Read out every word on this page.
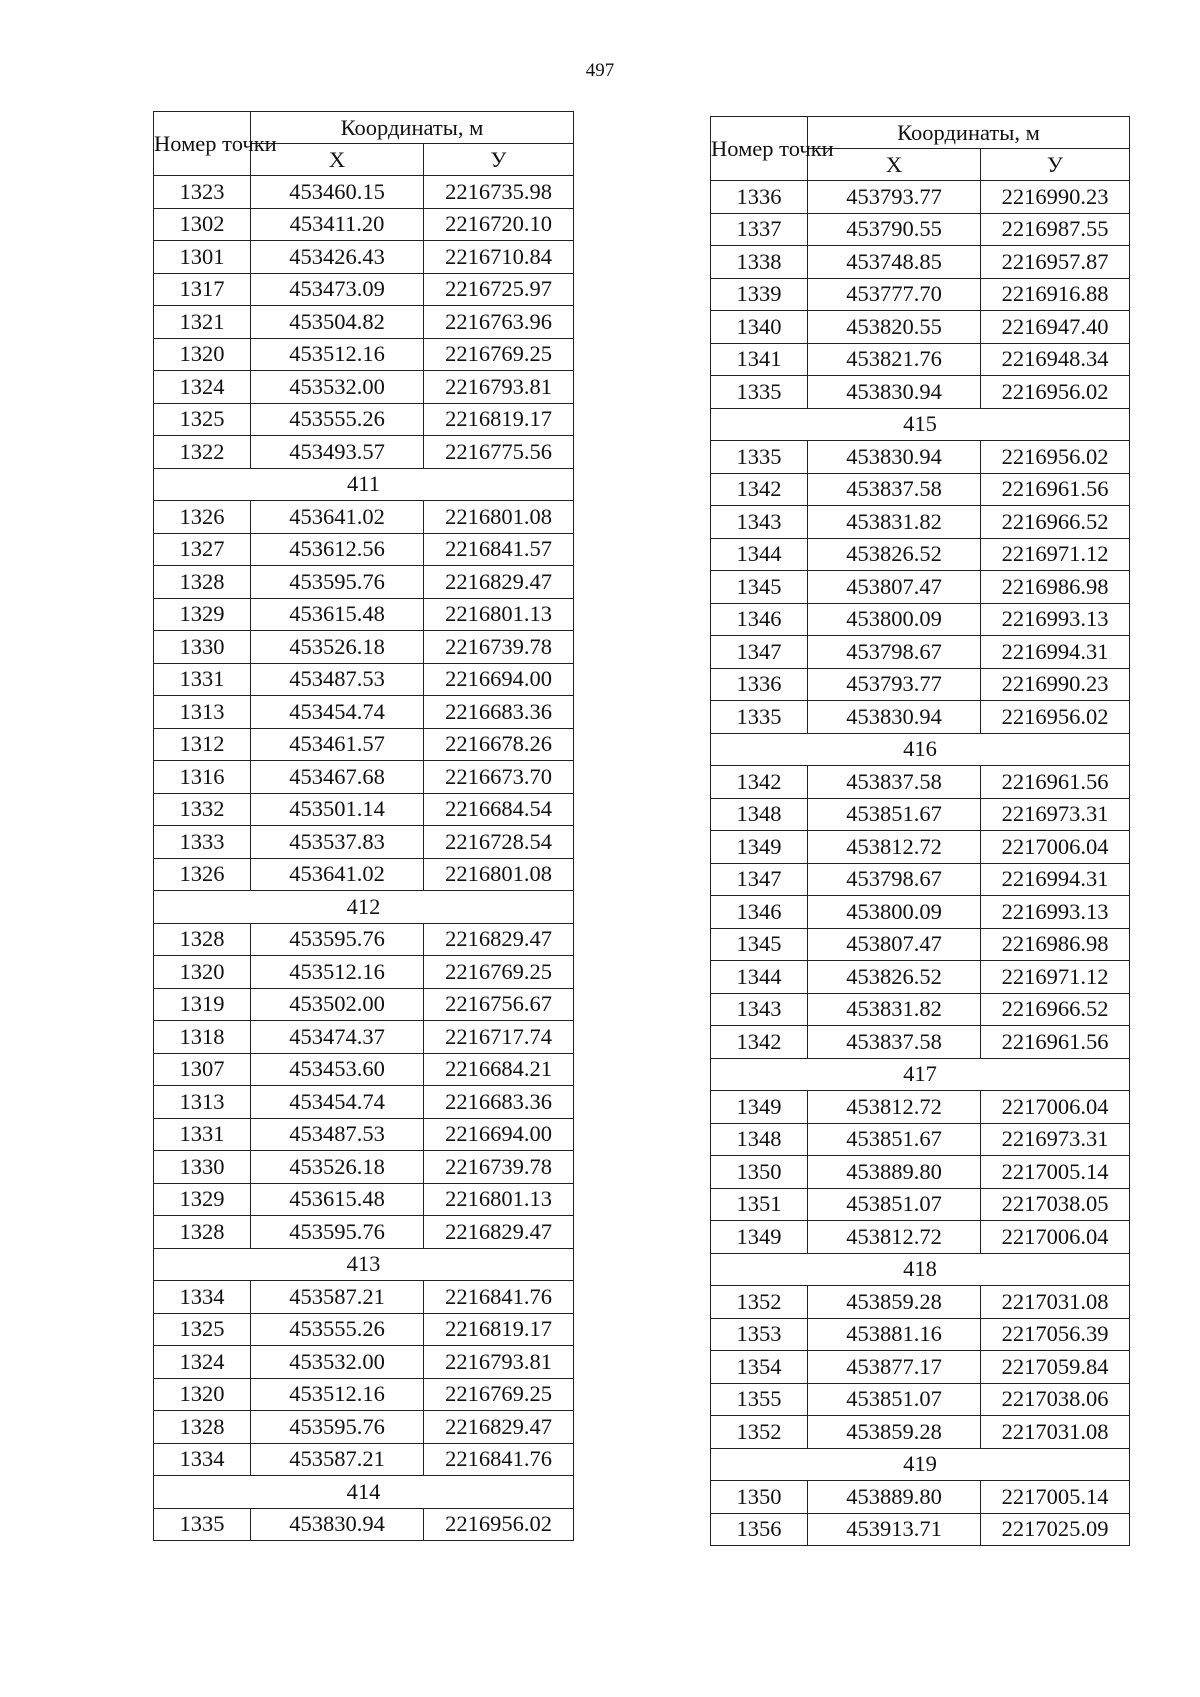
497
Номер точки	Координаты, м	
	X	У
1323	453460.15	2216735.98
1302	453411.20	2216720.10
1301	453426.43	2216710.84
1317	453473.09	2216725.97
1321	453504.82	2216763.96
1320	453512.16	2216769.25
1324	453532.00	2216793.81
1325	453555.26	2216819.17
1322	453493.57	2216775.56
411		
1326	453641.02	2216801.08
1327	453612.56	2216841.57
1328	453595.76	2216829.47
1329	453615.48	2216801.13
1330	453526.18	2216739.78
1331	453487.53	2216694.00
1313	453454.74	2216683.36
1312	453461.57	2216678.26
1316	453467.68	2216673.70
1332	453501.14	2216684.54
1333	453537.83	2216728.54
1326	453641.02	2216801.08
412		
1328	453595.76	2216829.47
1320	453512.16	2216769.25
1319	453502.00	2216756.67
1318	453474.37	2216717.74
1307	453453.60	2216684.21
1313	453454.74	2216683.36
1331	453487.53	2216694.00
1330	453526.18	2216739.78
1329	453615.48	2216801.13
1328	453595.76	2216829.47
413		
1334	453587.21	2216841.76
1325	453555.26	2216819.17
1324	453532.00	2216793.81
1320	453512.16	2216769.25
1328	453595.76	2216829.47
1334	453587.21	2216841.76
414		
1335	453830.94	2216956.02
Номер точки	Координаты, м	
	X	У
1336	453793.77	2216990.23
1337	453790.55	2216987.55
1338	453748.85	2216957.87
1339	453777.70	2216916.88
1340	453820.55	2216947.40
1341	453821.76	2216948.34
1335	453830.94	2216956.02
415		
1335	453830.94	2216956.02
1342	453837.58	2216961.56
1343	453831.82	2216966.52
1344	453826.52	2216971.12
1345	453807.47	2216986.98
1346	453800.09	2216993.13
1347	453798.67	2216994.31
1336	453793.77	2216990.23
1335	453830.94	2216956.02
416		
1342	453837.58	2216961.56
1348	453851.67	2216973.31
1349	453812.72	2217006.04
1347	453798.67	2216994.31
1346	453800.09	2216993.13
1345	453807.47	2216986.98
1344	453826.52	2216971.12
1343	453831.82	2216966.52
1342	453837.58	2216961.56
417		
1349	453812.72	2217006.04
1348	453851.67	2216973.31
1350	453889.80	2217005.14
1351	453851.07	2217038.05
1349	453812.72	2217006.04
418		
1352	453859.28	2217031.08
1353	453881.16	2217056.39
1354	453877.17	2217059.84
1355	453851.07	2217038.06
1352	453859.28	2217031.08
419		
1350	453889.80	2217005.14
1356	453913.71	2217025.09
